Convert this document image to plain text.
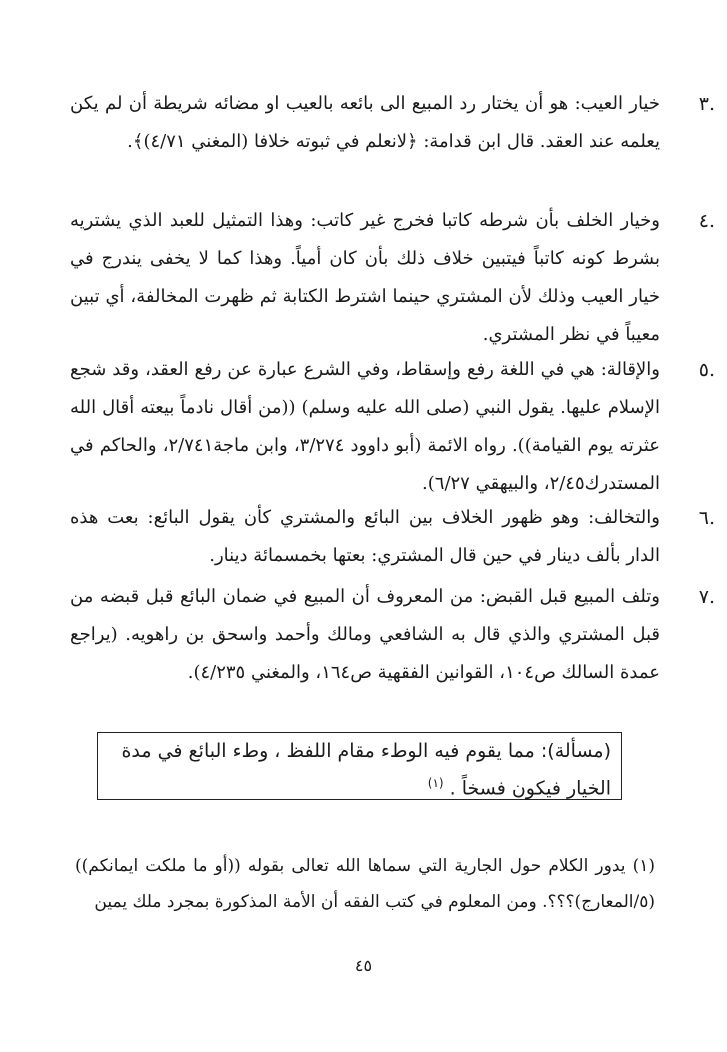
٣.
خيار العيب: هو أن يختار رد المبيع الى بائعه بالعيب او مضائه شريطة أن لم يكن يعلمه عند العقد. قال ابن قدامة: ﴿لانعلم في ثبوته خلافا (المغني ٤/٧١)﴾.
٤.
وخيار الخلف بأن شرطه كاتبا فخرج غير كاتب: وهذا التمثيل للعبد الذي يشتريه بشرط كونه كاتباً فيتبين خلاف ذلك بأن كان أمياً. وهذا كما لا يخفى يندرج في خيار العيب وذلك لأن المشتري حينما اشترط الكتابة ثم ظهرت المخالفة، أي تبين معيباً في نظر المشتري.
٥.
والإقالة: هي في اللغة رفع وإسقاط، وفي الشرع عبارة عن رفع العقد، وقد شجع الإسلام عليها. يقول النبي (صلى الله عليه وسلم) ((من أقال نادماً بيعته أقال الله عثرته يوم القيامة)). رواه الائمة (أبو داوود ٣/٢٧٤، وابن ماجة٢/٧٤١، والحاكم في المستدرك٢/٤٥، والبيهقي ٦/٢٧).
٦.
والتخالف: وهو ظهور الخلاف بين البائع والمشتري كأن يقول البائع: بعت هذه الدار بألف دينار في حين قال المشتري: بعتها بخمسمائة دينار.
٧.
وتلف المبيع قبل القبض: من المعروف أن المبيع في ضمان البائع قبل قبضه من قبل المشتري والذي قال به الشافعي ومالك وأحمد واسحق بن راهويه. (يراجع عمدة السالك ص١٠٤، القوانين الفقهية ص١٦٤، والمغني ٤/٢٣٥).
(مسألة): مما يقوم فيه الوطء مقام اللفظ ، وطء البائع في مدة الخيار فيكون فسخاً . $^{(١)}$
(١) يدور الكلام حول الجارية التي سماها الله تعالى بقوله ((أو ما ملكت ايمانكم)) (٥/المعارج)؟؟؟. ومن المعلوم في كتب الفقه أن الأمة المذكورة بمجرد ملك يمين
٤٥
